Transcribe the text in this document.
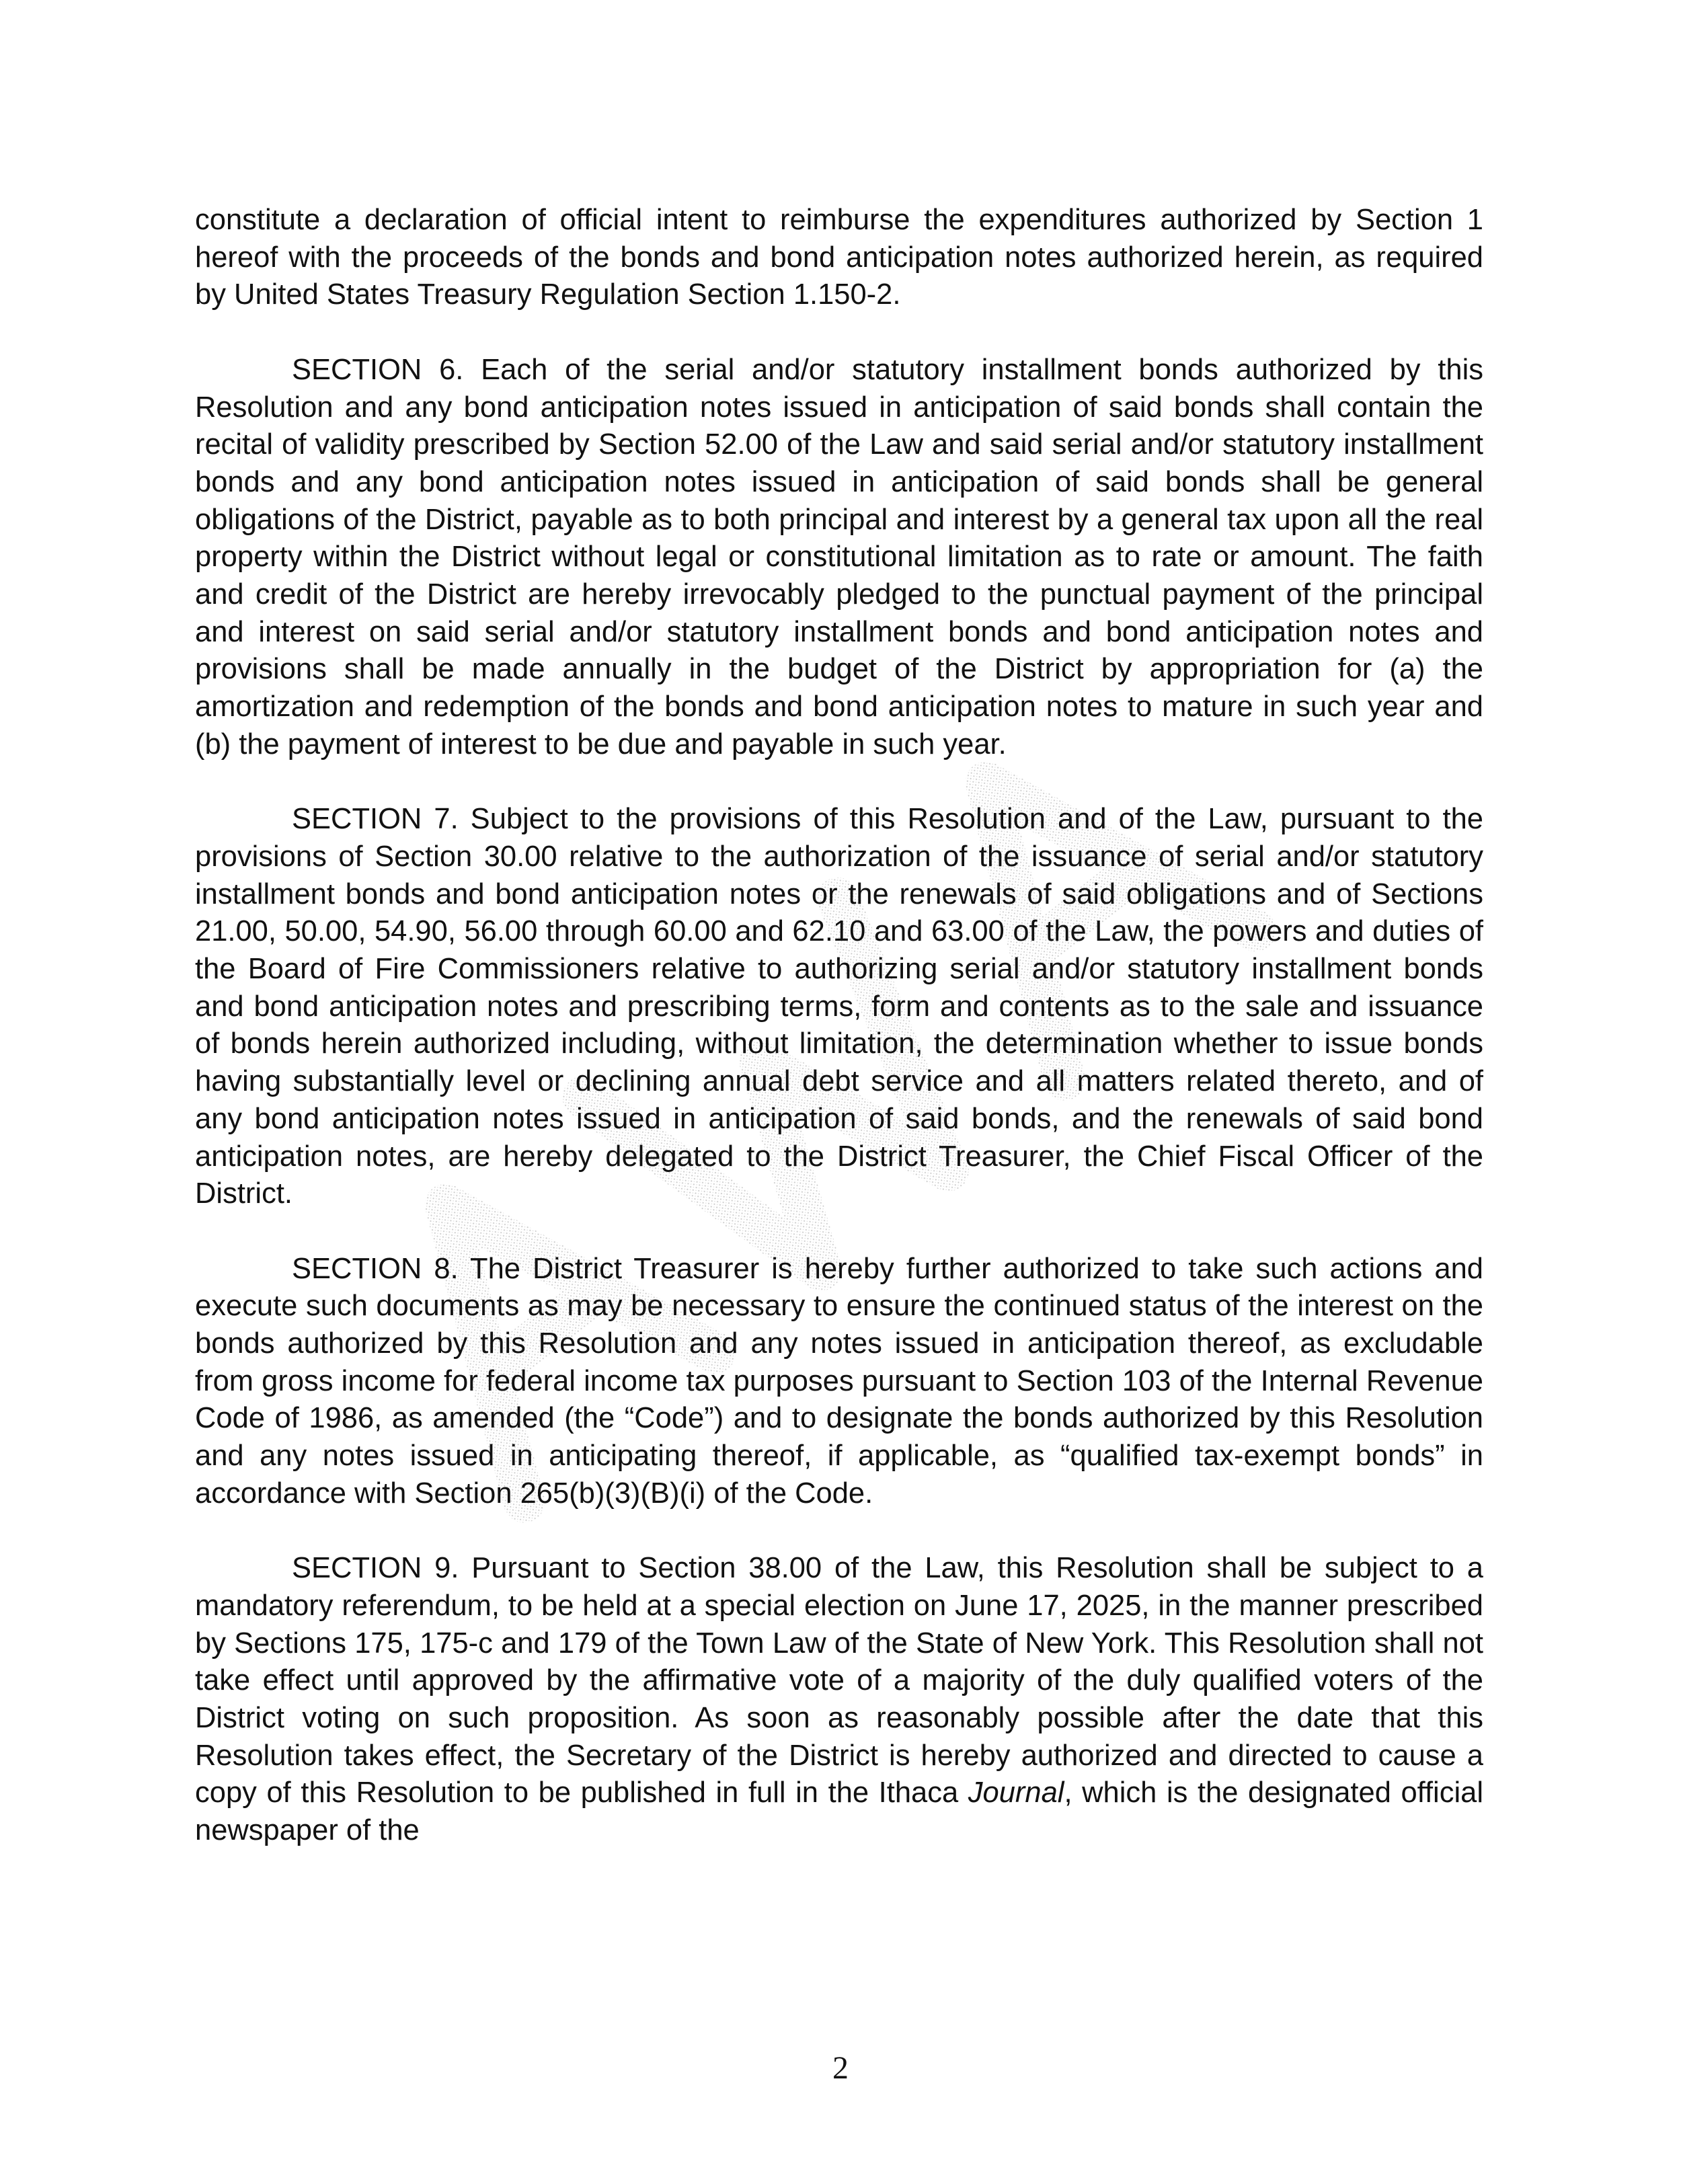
constitute a declaration of official intent to reimburse the expenditures authorized by Section 1 hereof with the proceeds of the bonds and bond anticipation notes authorized herein, as required by United States Treasury Regulation Section 1.150-2.

SECTION 6. Each of the serial and/or statutory installment bonds authorized by this Resolution and any bond anticipation notes issued in anticipation of said bonds shall contain the recital of validity prescribed by Section 52.00 of the Law and said serial and/or statutory installment bonds and any bond anticipation notes issued in anticipation of said bonds shall be general obligations of the District, payable as to both principal and interest by a general tax upon all the real property within the District without legal or constitutional limitation as to rate or amount. The faith and credit of the District are hereby irrevocably pledged to the punctual payment of the principal and interest on said serial and/or statutory installment bonds and bond anticipation notes and provisions shall be made annually in the budget of the District by appropriation for (a) the amortization and redemption of the bonds and bond anticipation notes to mature in such year and (b) the payment of interest to be due and payable in such year.

SECTION 7. Subject to the provisions of this Resolution and of the Law, pursuant to the provisions of Section 30.00 relative to the authorization of the issuance of serial and/or statutory installment bonds and bond anticipation notes or the renewals of said obligations and of Sections 21.00, 50.00, 54.90, 56.00 through 60.00 and 62.10 and 63.00 of the Law, the powers and duties of the Board of Fire Commissioners relative to authorizing serial and/or statutory installment bonds and bond anticipation notes and prescribing terms, form and contents as to the sale and issuance of bonds herein authorized including, without limitation, the determination whether to issue bonds having substantially level or declining annual debt service and all matters related thereto, and of any bond anticipation notes issued in anticipation of said bonds, and the renewals of said bond anticipation notes, are hereby delegated to the District Treasurer, the Chief Fiscal Officer of the District.

SECTION 8. The District Treasurer is hereby further authorized to take such actions and execute such documents as may be necessary to ensure the continued status of the interest on the bonds authorized by this Resolution and any notes issued in anticipation thereof, as excludable from gross income for federal income tax purposes pursuant to Section 103 of the Internal Revenue Code of 1986, as amended (the “Code”) and to designate the bonds authorized by this Resolution and any notes issued in anticipating thereof, if applicable, as “qualified tax-exempt bonds” in accordance with Section 265(b)(3)(B)(i) of the Code.

SECTION 9. Pursuant to Section 38.00 of the Law, this Resolution shall be subject to a mandatory referendum, to be held at a special election on June 17, 2025, in the manner prescribed by Sections 175, 175-c and 179 of the Town Law of the State of New York. This Resolution shall not take effect until approved by the affirmative vote of a majority of the duly qualified voters of the District voting on such proposition. As soon as reasonably possible after the date that this Resolution takes effect, the Secretary of the District is hereby authorized and directed to cause a copy of this Resolution to be published in full in the Ithaca Journal, which is the designated official newspaper of the

2
